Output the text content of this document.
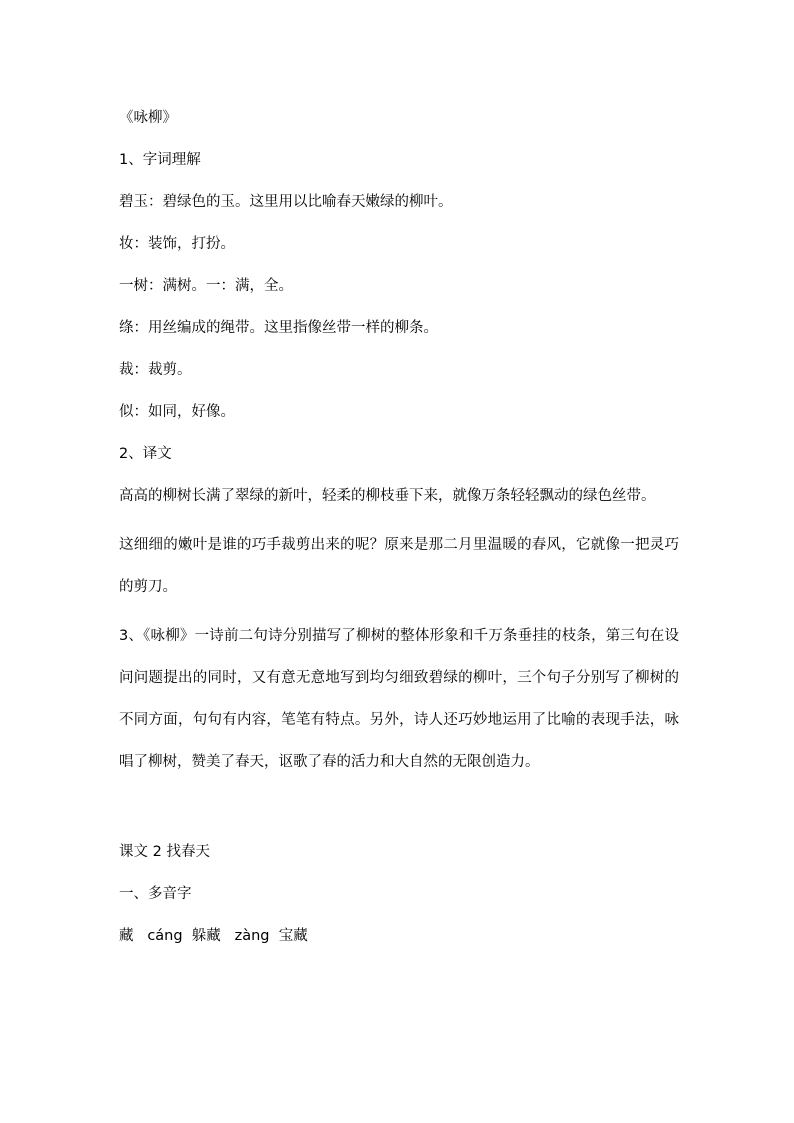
《咏柳》

1、字词理解

碧玉：碧绿色的玉。这里用以比喻春天嫩绿的柳叶。

妆：装饰，打扮。

一树：满树。一：满，全。

绦：用丝编成的绳带。这里指像丝带一样的柳条。

裁：裁剪。

似：如同，好像。

2、译文

高高的柳树长满了翠绿的新叶，轻柔的柳枝垂下来，就像万条轻轻飘动的绿色丝带。

这细细的嫩叶是谁的巧手裁剪出来的呢？原来是那二月里温暖的春风，它就像一把灵巧的剪刀。

3、《咏柳》一诗前二句诗分别描写了柳树的整体形象和千万条垂挂的枝条，第三句在设问问题提出的同时，又有意无意地写到均匀细致碧绿的柳叶，三个句子分别写了柳树的不同方面，句句有内容，笔笔有特点。另外，诗人还巧妙地运用了比喻的表现手法，咏唱了柳树，赞美了春天，讴歌了春的活力和大自然的无限创造力。

课文 2 找春天

一、多音字

藏   cáng  躲藏   zàng  宝藏
